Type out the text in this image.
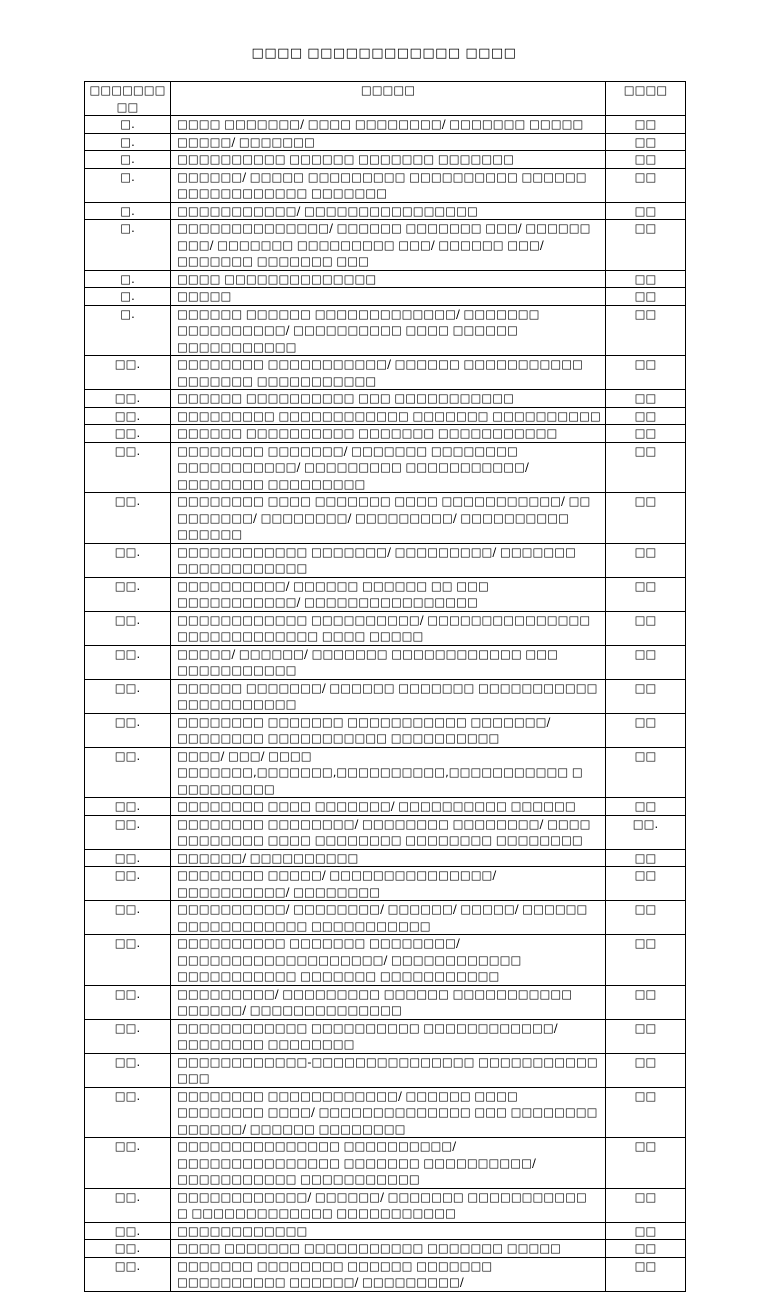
□□□□ □□□□□□□□□□□□ □□□□
□□□□□□□ □□	□□□□□	□□□□
□.	□□□□ □□□□□□□/ □□□□ □□□□□□□□/ □□□□□□□ □□□□□	□□
□.	□□□□□/ □□□□□□□	□□
□.	□□□□□□□□□□ □□□□□□ □□□□□□□ □□□□□□□	□□
□.	□□□□□□/ □□□□□ □□□□□□□□□ □□□□□□□□□□ □□□□□□ □□□□□□□□□□□□ □□□□□□□	□□
□.	□□□□□□□□□□□/ □□□□□□□□□□□□□□□□	□□
□.	□□□□□□□□□□□□□□/ □□□□□□ □□□□□□□ □□□/ □□□□□□ □□□/ □□□□□□□ □□□□□□□□□ □□□/ □□□□□□ □□□/ □□□□□□□ □□□□□□□ □□□	□□
□.	□□□□ □□□□□□□□□□□□□□	□□
□.	□□□□□	□□
□.	□□□□□□ □□□□□□ □□□□□□□□□□□□□/ □□□□□□□ □□□□□□□□□□/ □□□□□□□□□□ □□□□ □□□□□□ □□□□□□□□□□□	□□
□□.	□□□□□□□□ □□□□□□□□□□□/ □□□□□□ □□□□□□□□□□□ □□□□□□□ □□□□□□□□□□□	□□
□□.	□□□□□□ □□□□□□□□□□ □□□ □□□□□□□□□□□	□□
□□.	□□□□□□□□□ □□□□□□□□□□□□ □□□□□□□ □□□□□□□□□□	□□
□□.	□□□□□□ □□□□□□□□□□ □□□□□□□ □□□□□□□□□□□	□□
□□.	□□□□□□□□ □□□□□□□/ □□□□□□□ □□□□□□□□ □□□□□□□□□□□/ □□□□□□□□□ □□□□□□□□□□□/ □□□□□□□□ □□□□□□□□□	□□
□□.	□□□□□□□□ □□□□ □□□□□□□ □□□□ □□□□□□□□□□□/ □□ □□□□□□□/ □□□□□□□□/ □□□□□□□□□/ □□□□□□□□□□ □□□□□□	□□
□□.	□□□□□□□□□□□□ □□□□□□□/ □□□□□□□□□/ □□□□□□□ □□□□□□□□□□□□	□□
□□.	□□□□□□□□□□/ □□□□□□ □□□□□□ □□ □□□ □□□□□□□□□□□/ □□□□□□□□□□□□□□□□	□□
□□.	□□□□□□□□□□□□ □□□□□□□□□□/ □□□□□□□□□□□□□□□ □□□□□□□□□□□□□ □□□□ □□□□□	□□
□□.	□□□□□/ □□□□□□/ □□□□□□□ □□□□□□□□□□□□ □□□ □□□□□□□□□□□	□□
□□.	□□□□□□ □□□□□□□/ □□□□□□ □□□□□□□ □□□□□□□□□□□ □□□□□□□□□□□	□□
□□.	□□□□□□□□ □□□□□□□ □□□□□□□□□□□ □□□□□□□/ □□□□□□□□ □□□□□□□□□□□ □□□□□□□□□□	□□
□□.	□□□□/ □□□/ □□□□ □□□□□□□,□□□□□□□,□□□□□□□□□□,□□□□□□□□□□□ □ □□□□□□□□□	□□
□□.	□□□□□□□□ □□□□ □□□□□□□/ □□□□□□□□□□ □□□□□□	□□
□□.	□□□□□□□□ □□□□□□□□/ □□□□□□□□ □□□□□□□□/ □□□□ □□□□□□□□ □□□□ □□□□□□□□ □□□□□□□□ □□□□□□□□	□□.
□□.	□□□□□□/ □□□□□□□□□□	□□
□□.	□□□□□□□□ □□□□□/ □□□□□□□□□□□□□□□/ □□□□□□□□□□/ □□□□□□□□	□□
□□.	□□□□□□□□□□/ □□□□□□□□/ □□□□□□/ □□□□□/ □□□□□□ □□□□□□□□□□□□ □□□□□□□□□□□	□□
□□.	□□□□□□□□□□ □□□□□□□ □□□□□□□□/ □□□□□□□□□□□□□□□□□□□/ □□□□□□□□□□□□ □□□□□□□□□□□ □□□□□□□ □□□□□□□□□□□	□□
□□.	□□□□□□□□□/ □□□□□□□□□ □□□□□□ □□□□□□□□□□□ □□□□□□/ □□□□□□□□□□□□□□	□□
□□.	□□□□□□□□□□□□ □□□□□□□□□□ □□□□□□□□□□□□/ □□□□□□□□ □□□□□□□□	□□
□□.	□□□□□□□□□□□□-□□□□□□□□□□□□□□□ □□□□□□□□□□□ □□□	□□
□□.	□□□□□□□□ □□□□□□□□□□□□/ □□□□□□ □□□□ □□□□□□□□ □□□□/ □□□□□□□□□□□□□□ □□□ □□□□□□□□ □□□□□□/ □□□□□□ □□□□□□□□	□□
□□.	□□□□□□□□□□□□□□□ □□□□□□□□□□/ □□□□□□□□□□□□□□□ □□□□□□□ □□□□□□□□□□/ □□□□□□□□□□□ □□□□□□□□□□□	□□
□□.	□□□□□□□□□□□□/ □□□□□□/ □□□□□□□ □□□□□□□□□□□ □ □□□□□□□□□□□□□ □□□□□□□□□□□	□□
□□.	□□□□□□□□□□□□	□□
□□.	□□□□ □□□□□□□ □□□□□□□□□□□ □□□□□□□ □□□□□	□□
□□.	□□□□□□□ □□□□□□□□ □□□□□□ □□□□□□□ □□□□□□□□□□ □□□□□□/ □□□□□□□□□/	□□
